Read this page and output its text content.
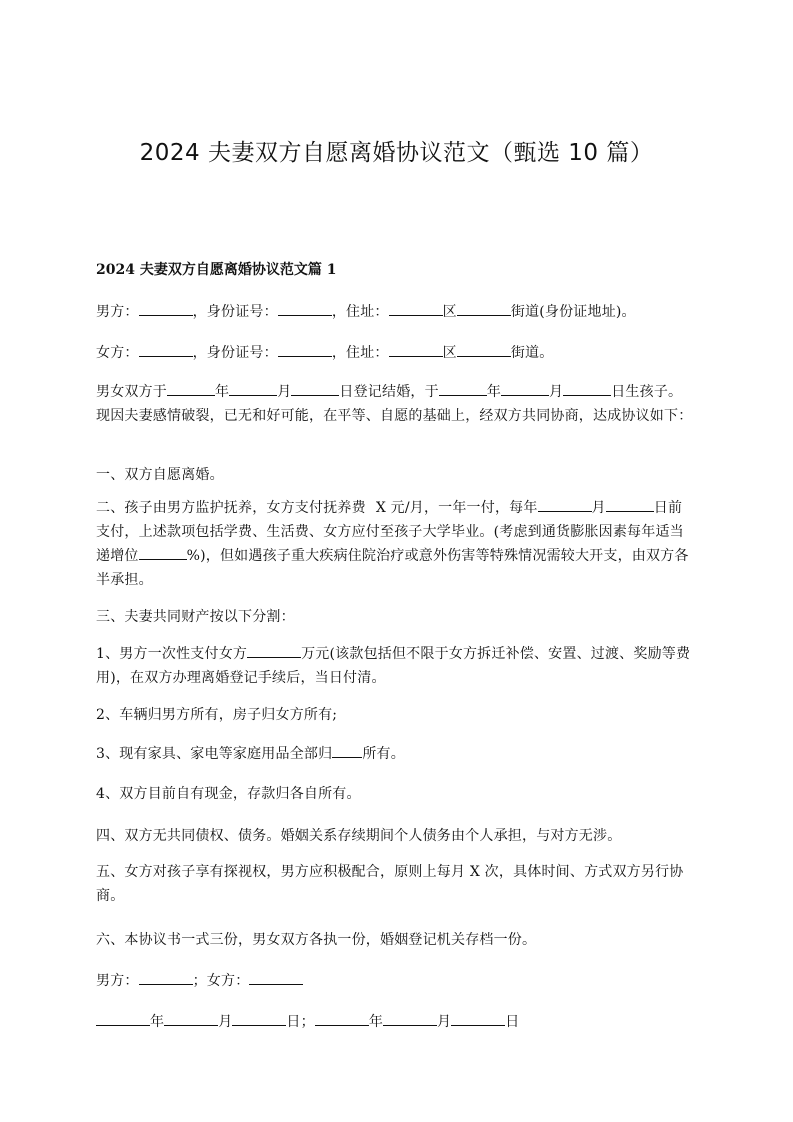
2024 夫妻双方自愿离婚协议范文（甄选 10 篇）
2024 夫妻双方自愿离婚协议范文篇 1

男方：	，身份证号：	，住址：	区	街道(身份证地址)。

女方：	，身份证号：	，住址：	区	街道。

男女双方于	年	月	日登记结婚，于	年	月	日生孩子。现因夫妻感情破裂，已无和好可能，在平等、自愿的基础上，经双方共同协商，达成协议如下：

一、双方自愿离婚。

二、孩子由男方监护抚养，女方支付抚养费 X 元/月，一年一付，每年	月	日前支付，上述款项包括学费、生活费、女方应付至孩子大学毕业。(考虑到通货膨胀因素每年适当递增位	%)，但如遇孩子重大疾病住院治疗或意外伤害等特殊情况需较大开支，由双方各半承担。

三、夫妻共同财产按以下分割：

1、男方一次性支付女方	万元(该款包括但不限于女方拆迁补偿、安置、过渡、奖励等费用)，在双方办理离婚登记手续后，当日付清。

2、车辆归男方所有，房子归女方所有;

3、现有家具、家电等家庭用品全部归 所有。

4、双方目前自有现金，存款归各自所有。

四、双方无共同债权、债务。婚姻关系存续期间个人债务由个人承担，与对方无涉。

五、女方对孩子享有探视权，男方应积极配合，原则上每月 X 次，具体时间、方式双方另行协商。

六、本协议书一式三份，男女双方各执一份，婚姻登记机关存档一份。

男方：	；女方：

年	月	日；	年	月	日
